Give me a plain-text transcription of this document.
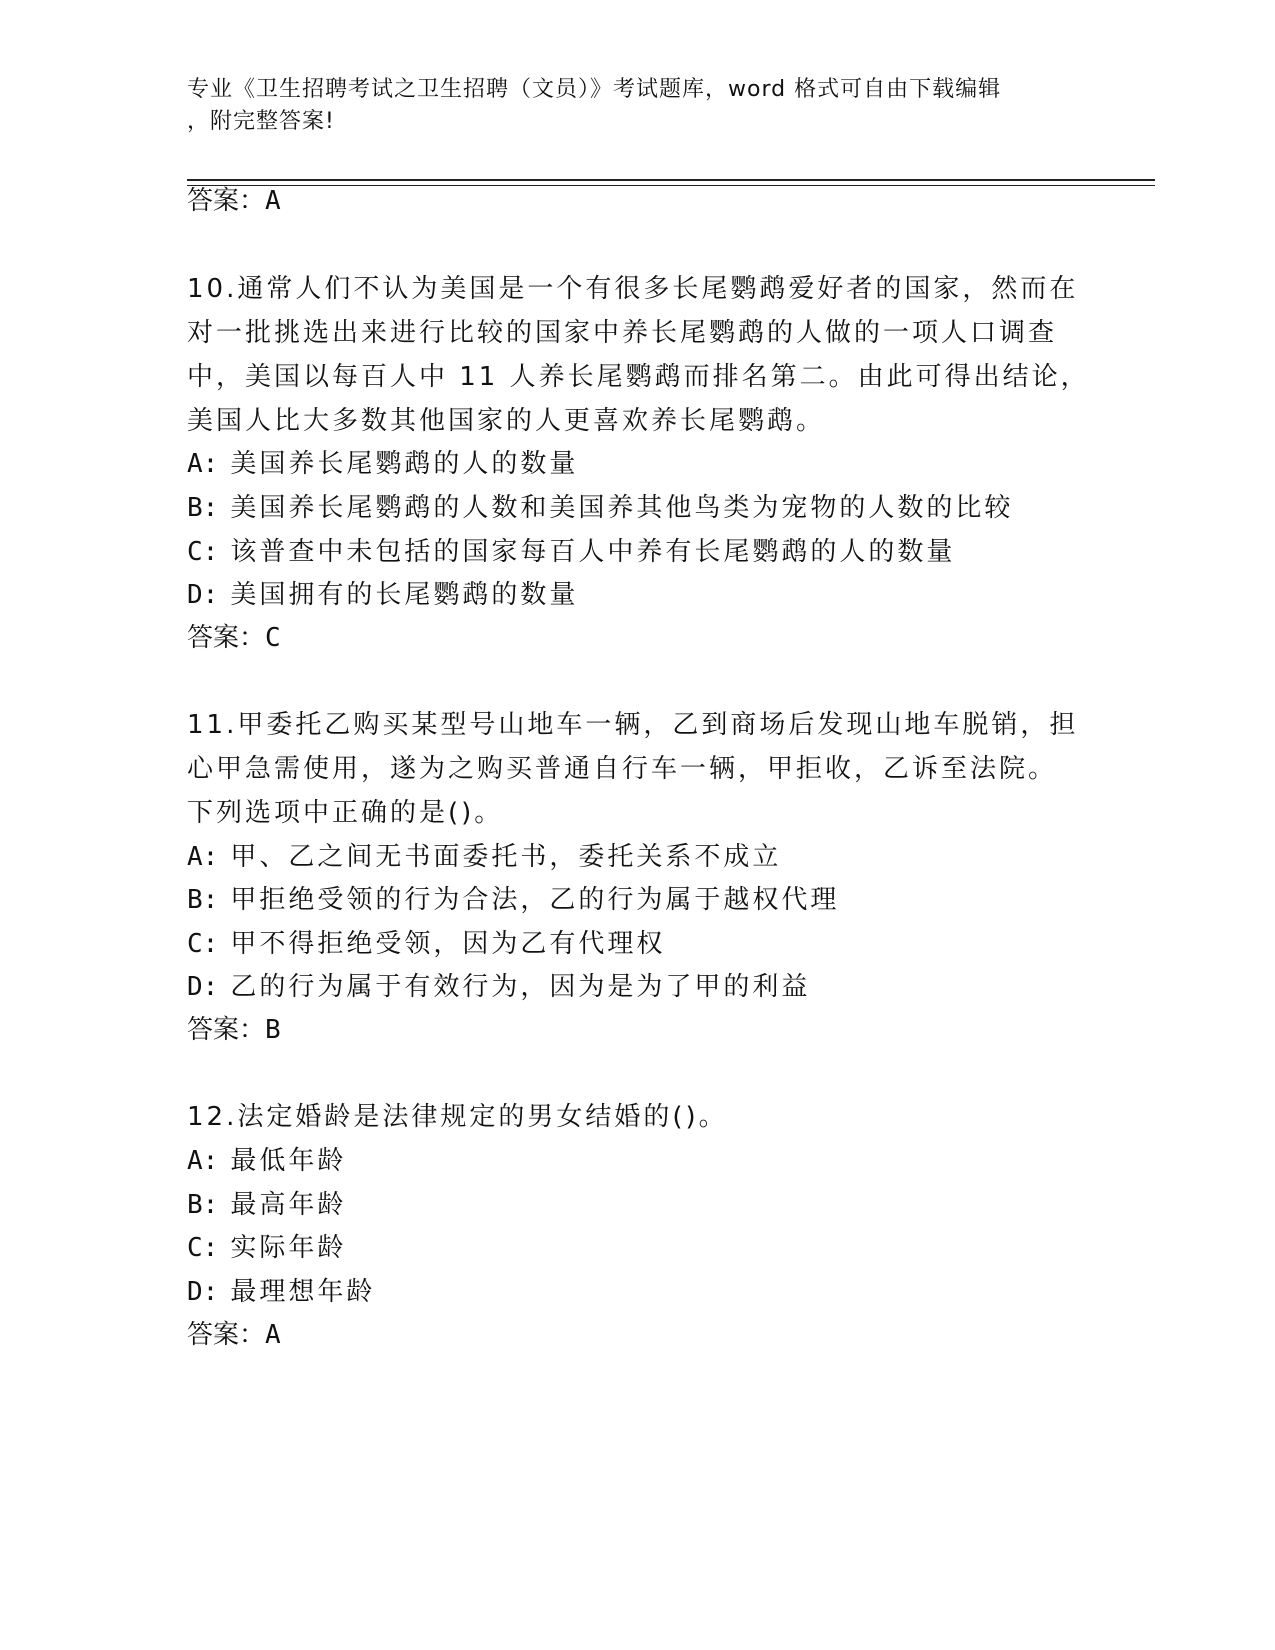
专业《卫生招聘考试之卫生招聘（文员）》考试题库，word 格式可自由下载编辑
，附完整答案!
答案：A
10.通常人们不认为美国是一个有很多长尾鹦鹉爱好者的国家，然而在
对一批挑选出来进行比较的国家中养长尾鹦鹉的人做的一项人口调查
中，美国以每百人中 11 人养长尾鹦鹉而排名第二。由此可得出结论，
美国人比大多数其他国家的人更喜欢养长尾鹦鹉。
A: 美国养长尾鹦鹉的人的数量
B: 美国养长尾鹦鹉的人数和美国养其他鸟类为宠物的人数的比较
C: 该普查中未包括的国家每百人中养有长尾鹦鹉的人的数量
D: 美国拥有的长尾鹦鹉的数量
答案：C
11.甲委托乙购买某型号山地车一辆，乙到商场后发现山地车脱销，担
心甲急需使用，遂为之购买普通自行车一辆，甲拒收，乙诉至法院。
下列选项中正确的是()。
A: 甲、乙之间无书面委托书，委托关系不成立
B: 甲拒绝受领的行为合法，乙的行为属于越权代理
C: 甲不得拒绝受领，因为乙有代理权
D: 乙的行为属于有效行为，因为是为了甲的利益
答案：B
12.法定婚龄是法律规定的男女结婚的()。
A: 最低年龄
B: 最高年龄
C: 实际年龄
D: 最理想年龄
答案：A
